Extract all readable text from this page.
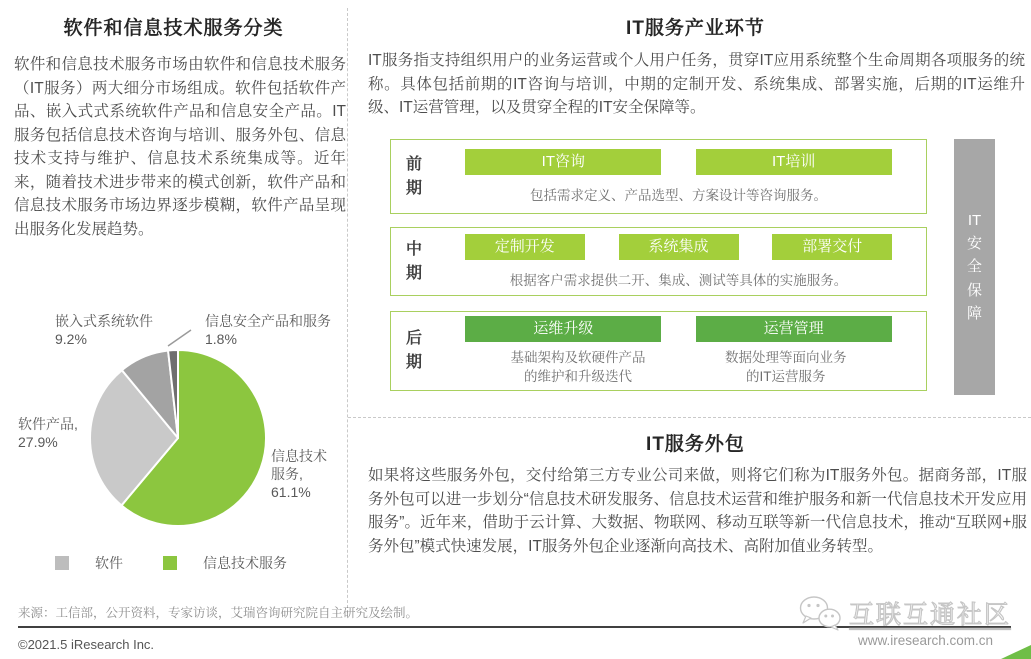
软件和信息技术服务分类
软件和信息技术服务市场由软件和信息技术服务（IT服务）两大细分市场组成。软件包括软件产品、嵌入式式系统软件产品和信息安全产品。IT服务包括信息技术咨询与培训、服务外包、信息技术支持与维护、信息技术系统集成等。近年来，随着技术进步带来的模式创新，软件产品和信息技术服务市场边界逐步模糊，软件产品呈现出服务化发展趋势。
嵌入式系统软件
9.2%
信息安全产品和服务
1.8%
软件产品,
27.9%
信息技术
服务,
61.1%
软件	信息技术服务
IT服务产业环节
IT服务指支持组织用户的业务运营或个人用户任务，贯穿IT应用系统整个生命周期各项服务的统称。具体包括前期的IT咨询与培训，中期的定制开发、系统集成、部署实施，后期的IT运维升级、IT运营管理，以及贯穿全程的IT安全保障等。
前期
IT咨询	IT培训
包括需求定义、产品选型、方案设计等咨询服务。
中期
定制开发	系统集成	部署交付
根据客户需求提供二开、集成、测试等具体的实施服务。
后期
运维升级	运营管理
基础架构及软硬件产品
的维护和升级迭代
数据处理等面向业务
的IT运营服务
IT安全保障
IT服务外包
如果将这些服务外包，交付给第三方专业公司来做，则将它们称为IT服务外包。据商务部，IT服务外包可以进一步划分“信息技术研发服务、信息技术运营和维护服务和新一代信息技术开发应用服务”。近年来，借助于云计算、大数据、物联网、移动互联等新一代信息技术，推动“互联网+服务外包”模式快速发展，IT服务外包企业逐渐向高技术、高附加值业务转型。
来源：工信部，公开资料，专家访谈，艾瑞咨询研究院自主研究及绘制。
©2021.5 iResearch Inc.
互联互通社区
www.iresearch.com.cn
